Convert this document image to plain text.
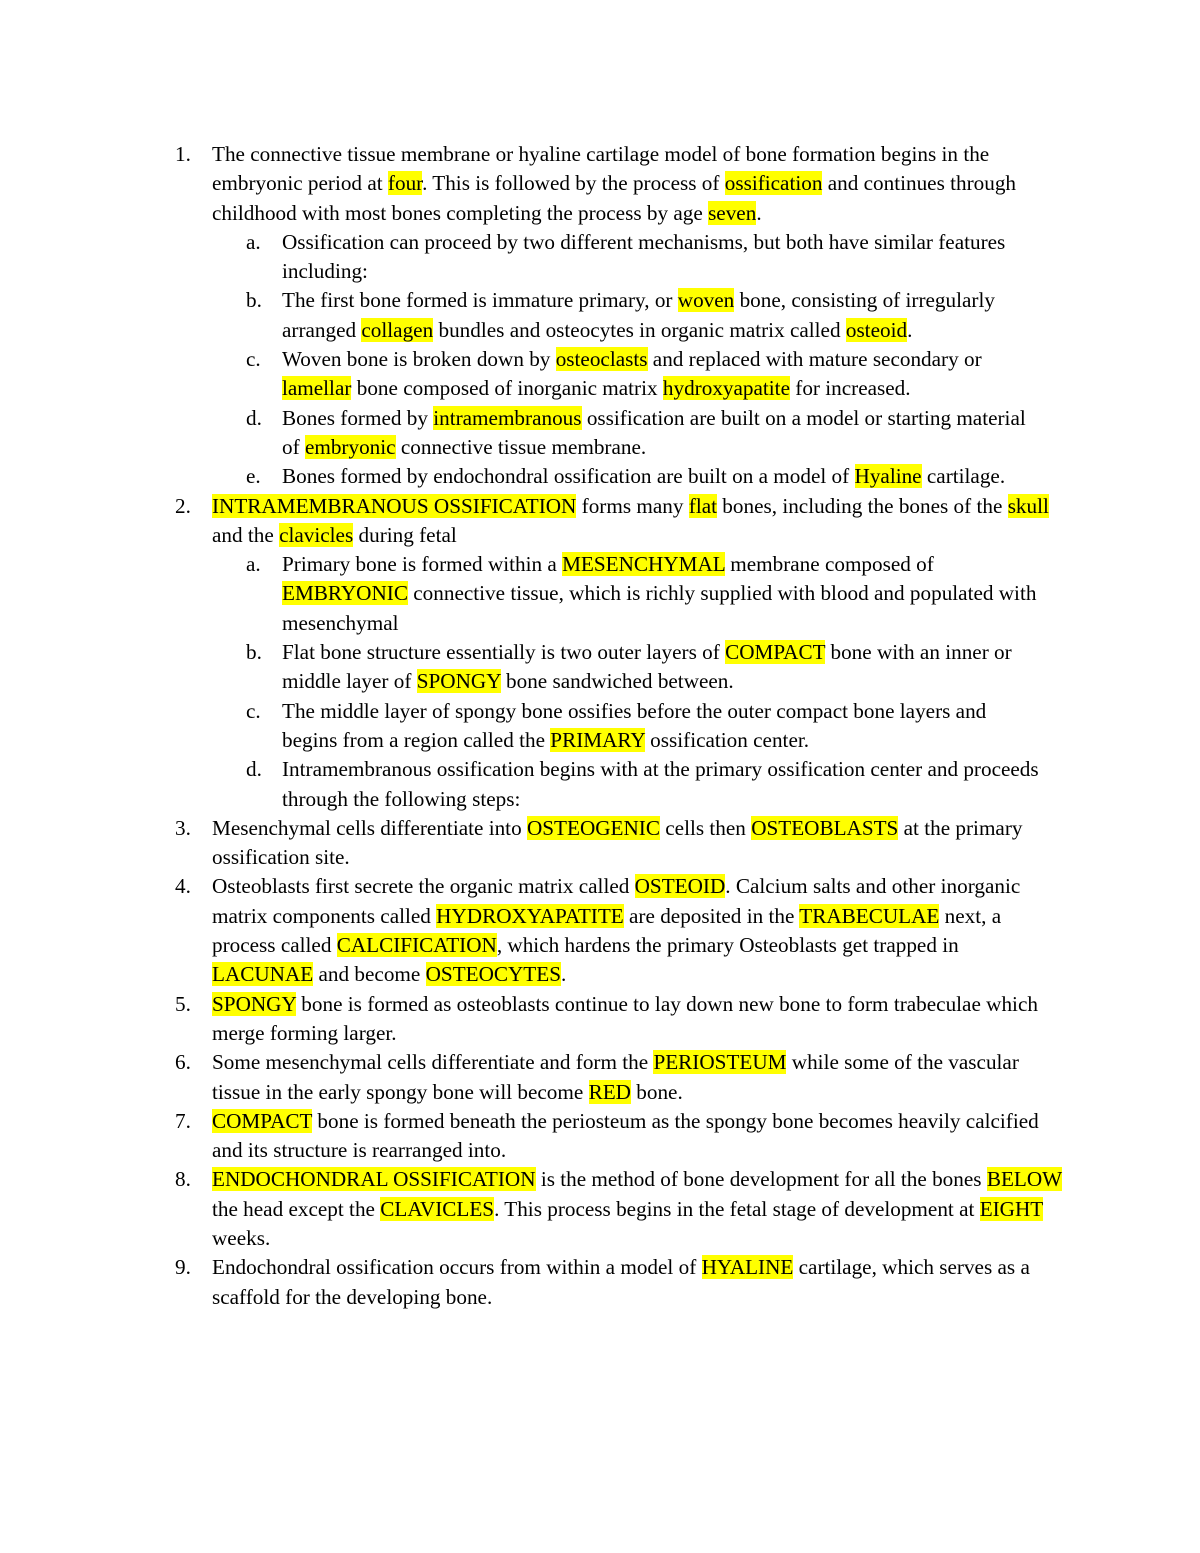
1. The connective tissue membrane or hyaline cartilage model of bone formation begins in the embryonic period at four. This is followed by the process of ossification and continues through childhood with most bones completing the process by age seven.
a. Ossification can proceed by two different mechanisms, but both have similar features including:
b. The first bone formed is immature primary, or woven bone, consisting of irregularly arranged collagen bundles and osteocytes in organic matrix called osteoid.
c. Woven bone is broken down by osteoclasts and replaced with mature secondary or lamellar bone composed of inorganic matrix hydroxyapatite for increased.
d. Bones formed by intramembranous ossification are built on a model or starting material of embryonic connective tissue membrane.
e. Bones formed by endochondral ossification are built on a model of Hyaline cartilage.
2. INTRAMEMBRANOUS OSSIFICATION forms many flat bones, including the bones of the skull and the clavicles during fetal
a. Primary bone is formed within a MESENCHYMAL membrane composed of EMBRYONIC connective tissue, which is richly supplied with blood and populated with mesenchymal
b. Flat bone structure essentially is two outer layers of COMPACT bone with an inner or middle layer of SPONGY bone sandwiched between.
c. The middle layer of spongy bone ossifies before the outer compact bone layers and begins from a region called the PRIMARY ossification center.
d. Intramembranous ossification begins with at the primary ossification center and proceeds through the following steps:
3. Mesenchymal cells differentiate into OSTEOGENIC cells then OSTEOBLASTS at the primary ossification site.
4. Osteoblasts first secrete the organic matrix called OSTEOID. Calcium salts and other inorganic matrix components called HYDROXYAPATITE are deposited in the TRABECULAE next, a process called CALCIFICATION, which hardens the primary Osteoblasts get trapped in LACUNAE and become OSTEOCYTES.
5. SPONGY bone is formed as osteoblasts continue to lay down new bone to form trabeculae which merge forming larger.
6. Some mesenchymal cells differentiate and form the PERIOSTEUM while some of the vascular tissue in the early spongy bone will become RED bone.
7. COMPACT bone is formed beneath the periosteum as the spongy bone becomes heavily calcified and its structure is rearranged into.
8. ENDOCHONDRAL OSSIFICATION is the method of bone development for all the bones BELOW the head except the CLAVICLES. This process begins in the fetal stage of development at EIGHT weeks.
9. Endochondral ossification occurs from within a model of HYALINE cartilage, which serves as a scaffold for the developing bone.
